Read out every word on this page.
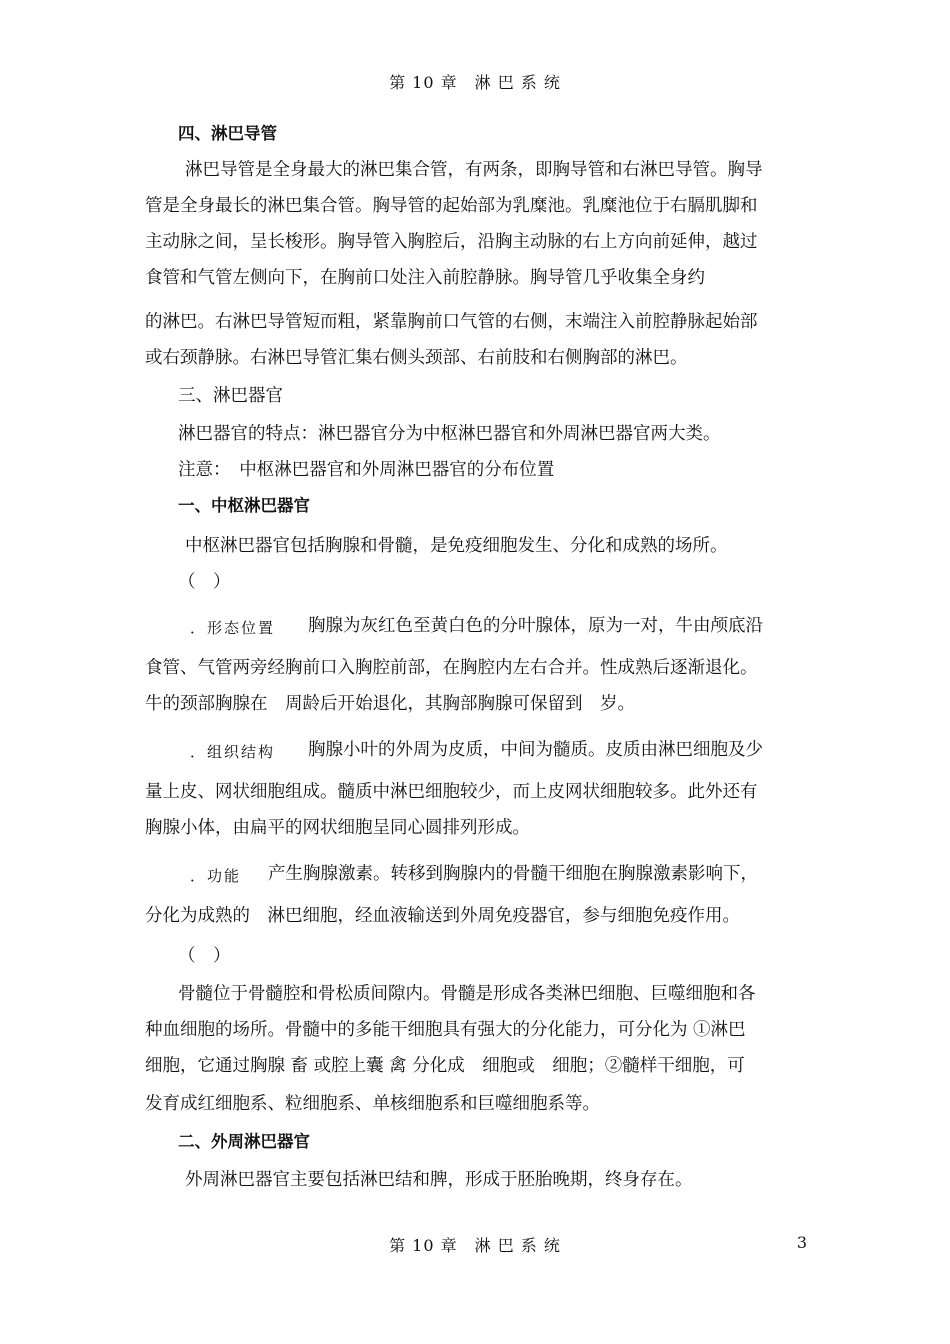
第 10 章　淋 巴 系 统
四、淋巴导管
淋巴导管是全身最大的淋巴集合管，有两条，即胸导管和右淋巴导管。胸导
管是全身最长的淋巴集合管。胸导管的起始部为乳糜池。乳糜池位于右膈肌脚和
主动脉之间，呈长梭形。胸导管入胸腔后，沿胸主动脉的右上方向前延伸，越过
食管和气管左侧向下，在胸前口处注入前腔静脉。胸导管几乎收集全身约
的淋巴。右淋巴导管短而粗，紧靠胸前口气管的右侧，末端注入前腔静脉起始部
或右颈静脉。右淋巴导管汇集右侧头颈部、右前肢和右侧胸部的淋巴。
三、淋巴器官
淋巴器官的特点：淋巴器官分为中枢淋巴器官和外周淋巴器官两大类。
注意：　中枢淋巴器官和外周淋巴器官的分布位置
一、中枢淋巴器官
中枢淋巴器官包括胸腺和骨髓，是免疫细胞发生、分化和成熟的场所。
（　）
．形态位置 胸腺为灰红色至黄白色的分叶腺体，原为一对，牛由颅底沿
食管、气管两旁经胸前口入胸腔前部，在胸腔内左右合并。性成熟后逐渐退化。
牛的颈部胸腺在　周龄后开始退化，其胸部胸腺可保留到　岁。
．组织结构 胸腺小叶的外周为皮质，中间为髓质。皮质由淋巴细胞及少
量上皮、网状细胞组成。髓质中淋巴细胞较少，而上皮网状细胞较多。此外还有
胸腺小体，由扁平的网状细胞呈同心圆排列形成。
．功能 产生胸腺激素。转移到胸腺内的骨髓干细胞在胸腺激素影响下，
分化为成熟的　淋巴细胞，经血液输送到外周免疫器官，参与细胞免疫作用。
（　）
骨髓位于骨髓腔和骨松质间隙内。骨髓是形成各类淋巴细胞、巨噬细胞和各
种血细胞的场所。骨髓中的多能干细胞具有强大的分化能力，可分化为 ①淋巴
细胞，它通过胸腺 畜 或腔上囊 禽 分化成　细胞或　细胞；②髓样干细胞，可
发育成红细胞系、粒细胞系、单核细胞系和巨噬细胞系等。
二、外周淋巴器官
外周淋巴器官主要包括淋巴结和脾，形成于胚胎晚期，终身存在。
第 10 章　淋 巴 系 统	3
